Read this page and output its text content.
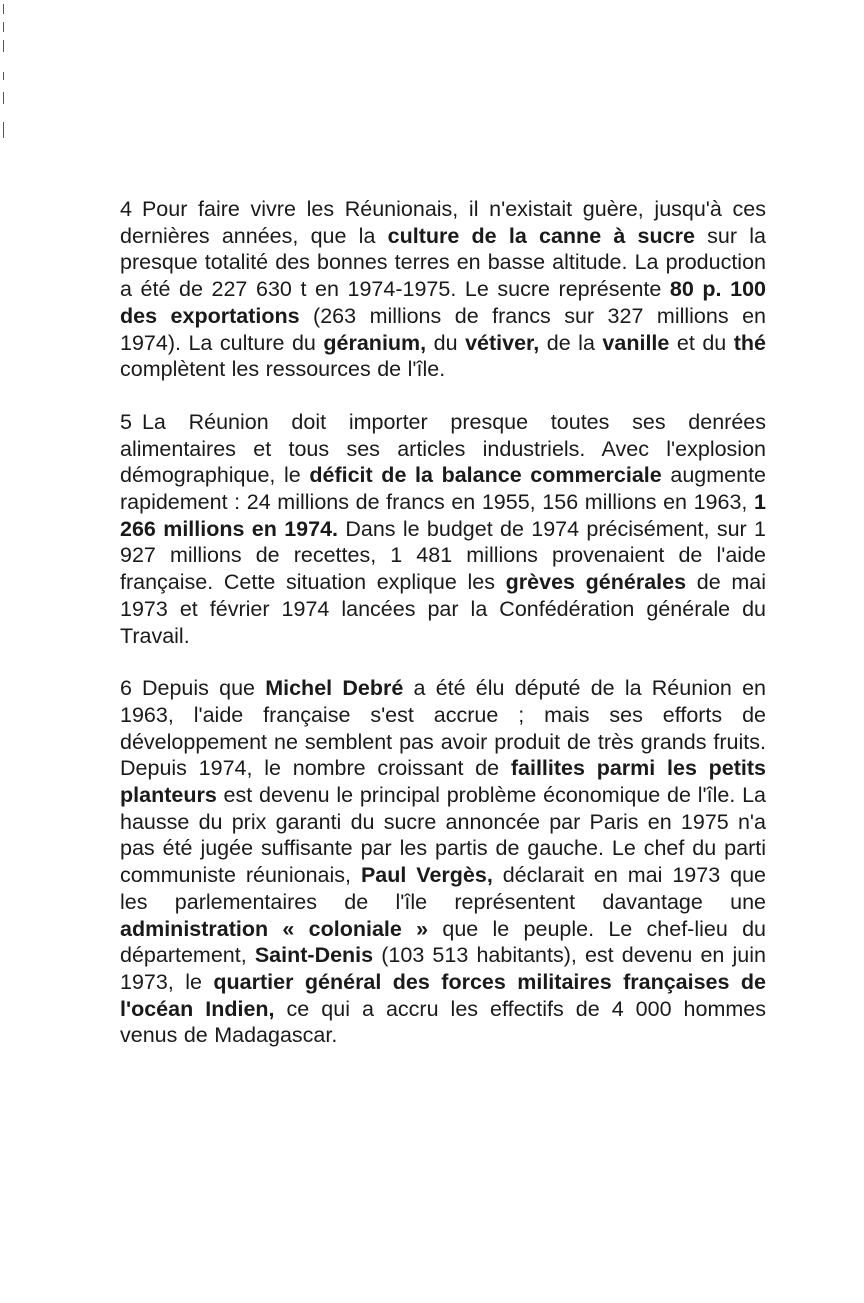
4 Pour faire vivre les Réunionais, il n'existait guère, jusqu'à ces dernières années, que la culture de la canne à sucre sur la presque totalité des bonnes terres en basse altitude. La production a été de 227 630 t en 1974-1975. Le sucre représente 80 p. 100 des exportations (263 millions de francs sur 327 millions en 1974). La culture du géranium, du vétiver, de la vanille et du thé complètent les ressources de l'île.

5 La Réunion doit importer presque toutes ses denrées alimentaires et tous ses articles industriels. Avec l'explosion démographique, le déficit de la balance commerciale augmente rapidement : 24 millions de francs en 1955, 156 millions en 1963, 1 266 millions en 1974. Dans le budget de 1974 précisément, sur 1 927 millions de recettes, 1 481 millions provenaient de l'aide française. Cette situation explique les grèves générales de mai 1973 et février 1974 lancées par la Confédération générale du Travail.

6 Depuis que Michel Debré a été élu député de la Réunion en 1963, l'aide française s'est accrue ; mais ses efforts de développement ne semblent pas avoir produit de très grands fruits. Depuis 1974, le nombre croissant de faillites parmi les petits planteurs est devenu le principal problème économique de l'île. La hausse du prix garanti du sucre annoncée par Paris en 1975 n'a pas été jugée suffisante par les partis de gauche. Le chef du parti communiste réunionais, Paul Vergès, déclarait en mai 1973 que les parlementaires de l'île représentent davantage une administration « coloniale » que le peuple. Le chef-lieu du département, Saint-Denis (103 513 habitants), est devenu en juin 1973, le quartier général des forces militaires françaises de l'océan Indien, ce qui a accru les effectifs de 4 000 hommes venus de Madagascar.
